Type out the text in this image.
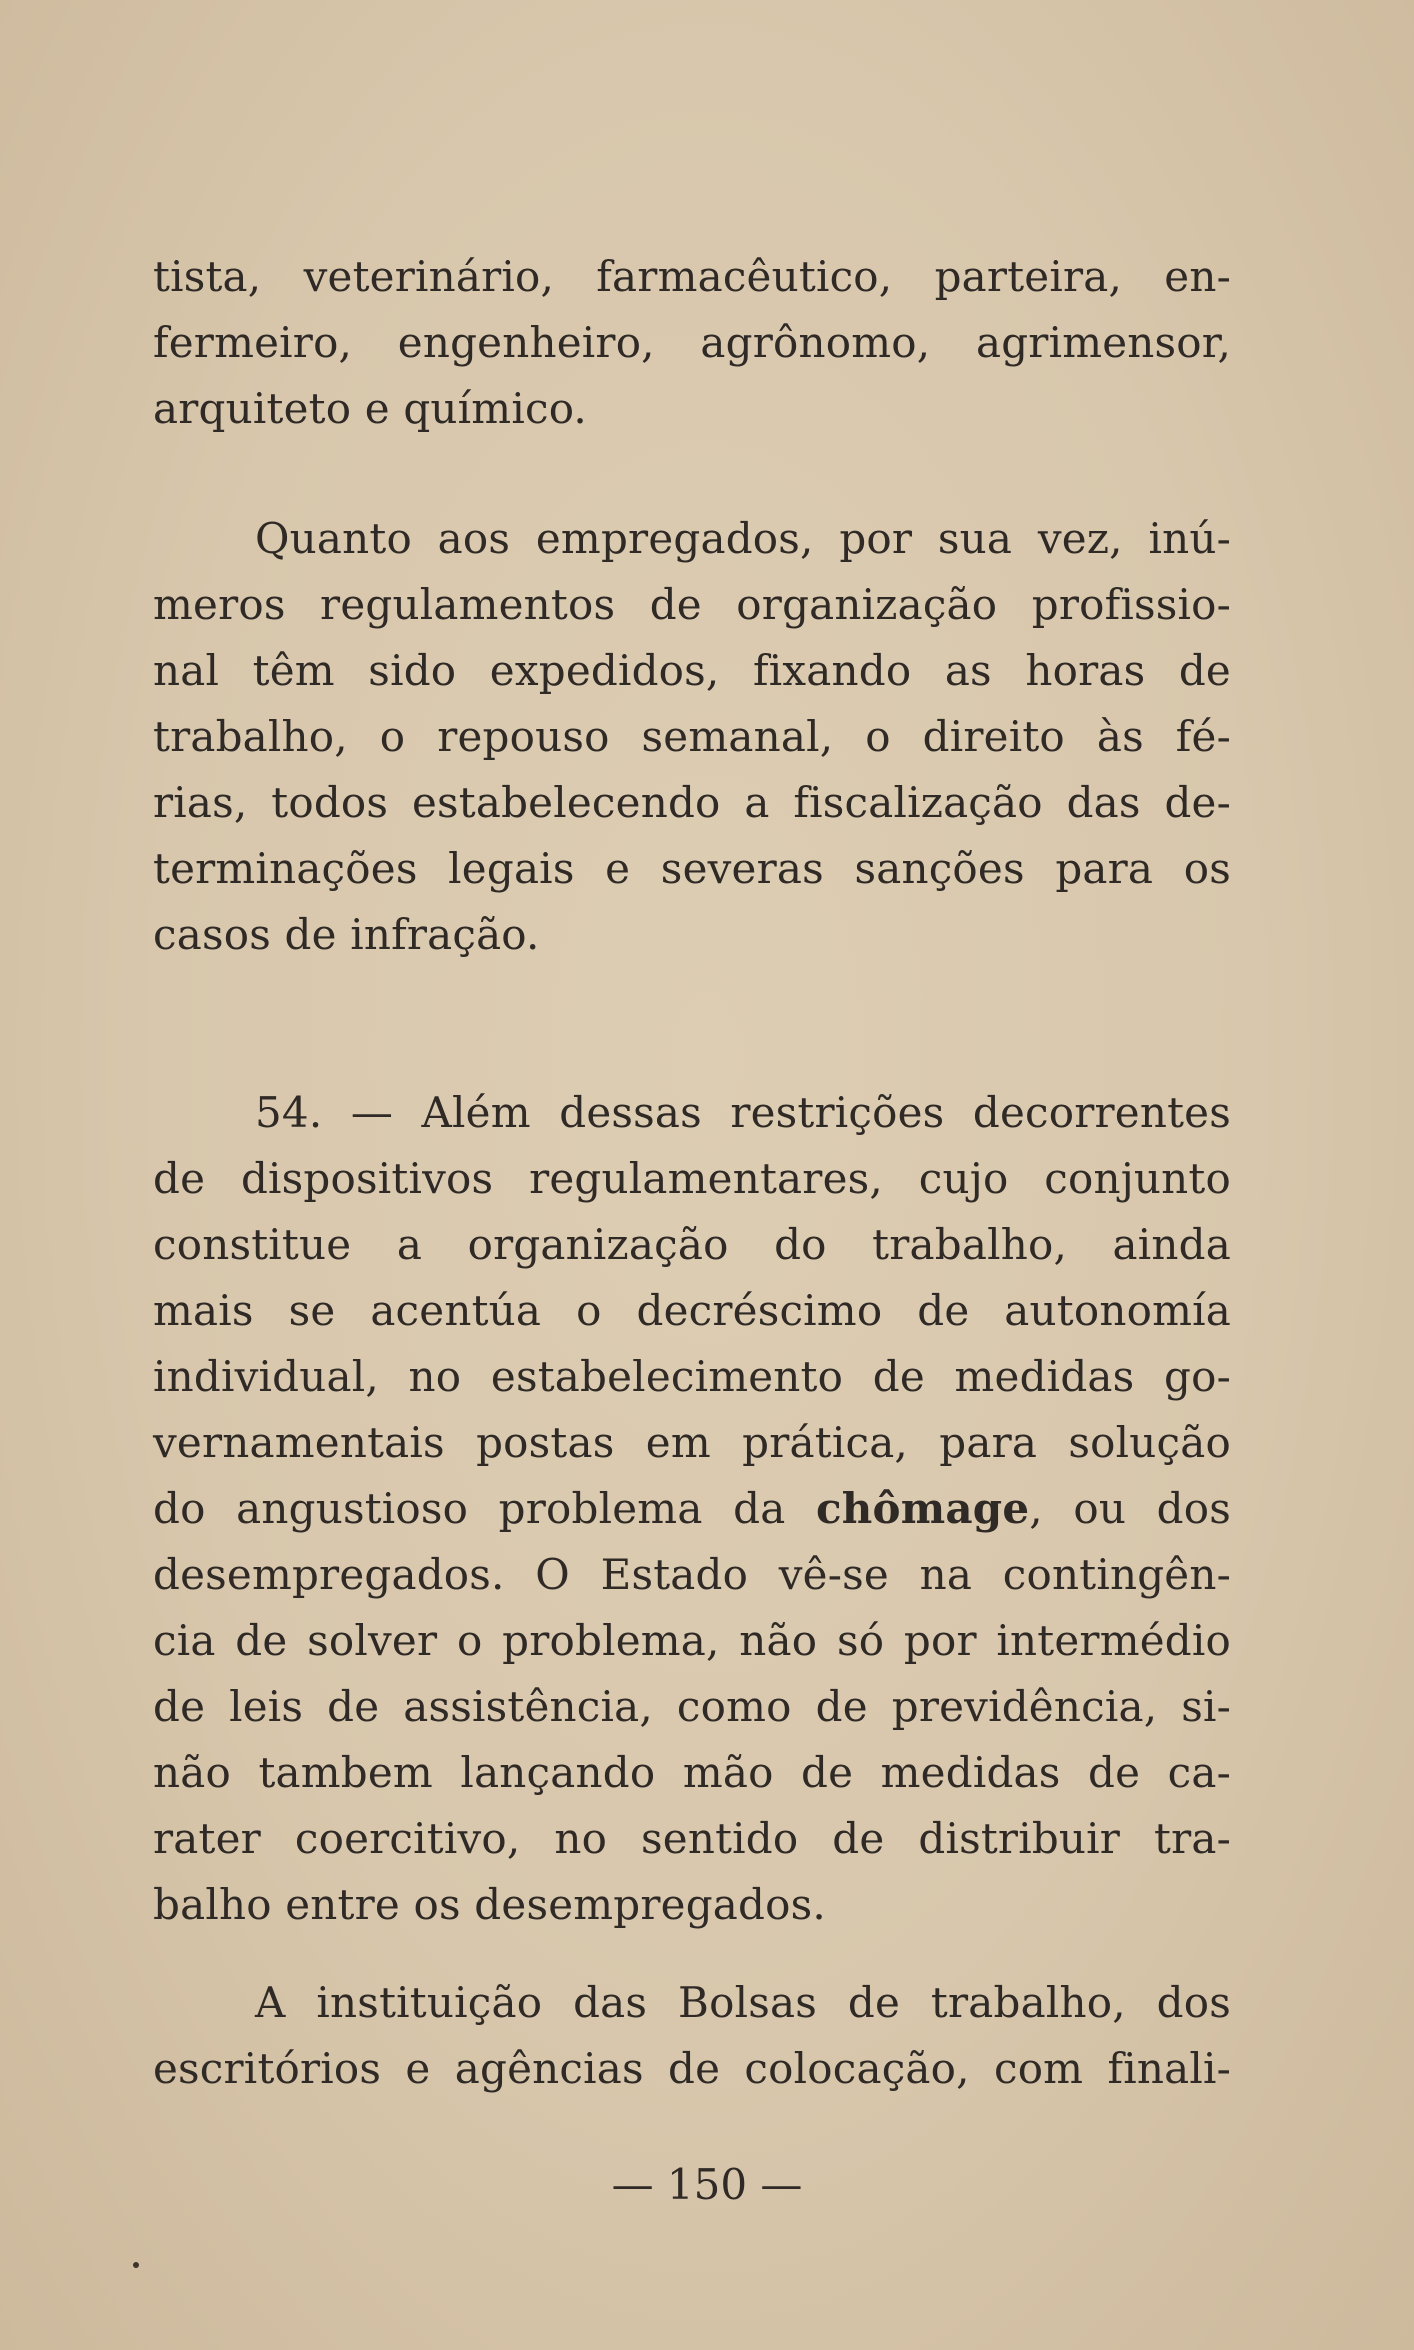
tista, veterinário, farmacêutico, parteira, en-
fermeiro, engenheiro, agrônomo, agrimensor,
arquiteto e químico.
Quanto aos empregados, por sua vez, inú-
meros regulamentos de organização profissio-
nal têm sido expedidos, fixando as horas de
trabalho, o repouso semanal, o direito às fé-
rias, todos estabelecendo a fiscalização das de-
terminações legais e severas sanções para os
casos de infração.
54. — Além dessas restrições decorrentes
de dispositivos regulamentares, cujo conjunto
constitue a organização do trabalho, ainda
mais se acentúa o decréscimo de autonomía
individual, no estabelecimento de medidas go-
vernamentais postas em prática, para solução
do angustioso problema da chômage, ou dos
desempregados. O Estado vê-se na contingên-
cia de solver o problema, não só por intermédio
de leis de assistência, como de previdência, si-
não tambem lançando mão de medidas de ca-
rater coercitivo, no sentido de distribuir tra-
balho entre os desempregados.
A instituição das Bolsas de trabalho, dos
escritórios e agências de colocação, com finali-
— 150 —
